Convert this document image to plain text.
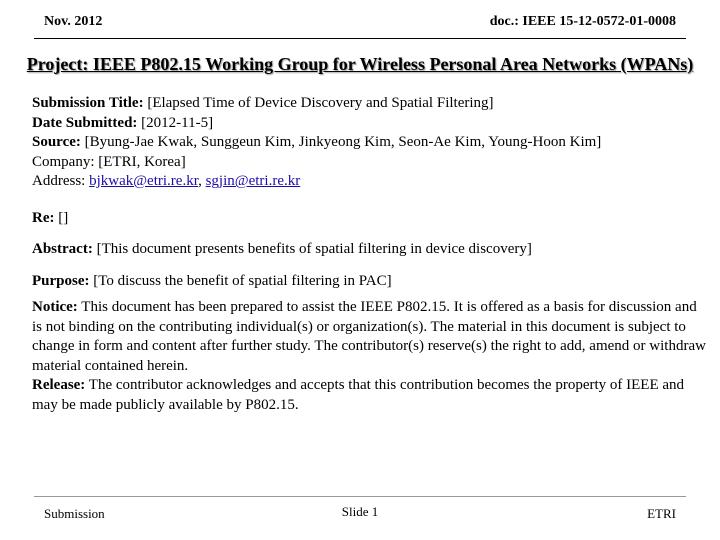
Nov. 2012	doc.: IEEE 15-12-0572-01-0008
Project: IEEE P802.15 Working Group for Wireless Personal Area Networks (WPANs)

Submission Title: [Elapsed Time of Device Discovery and Spatial Filtering]

Date Submitted: [2012-11-5]

Source: [Byung-Jae Kwak, Sunggeun Kim, Jinkyeong Kim, Seon-Ae Kim, Young-Hoon Kim]

Company: [ETRI, Korea]

Address: bjkwak@etri.re.kr, sgjin@etri.re.kr

Re: []

Abstract: [This document presents benefits of spatial filtering in device discovery]

Purpose: [To discuss the benefit of spatial filtering in PAC]

Notice: This document has been prepared to assist the IEEE P802.15. It is offered as a basis for discussion and is not binding on the contributing individual(s) or organization(s). The material in this document is subject to change in form and content after further study. The contributor(s) reserve(s) the right to add, amend or withdraw material contained herein.

Release: The contributor acknowledges and accepts that this contribution becomes the property of IEEE and may be made publicly available by P802.15.

Submission	Slide 1	ETRI
